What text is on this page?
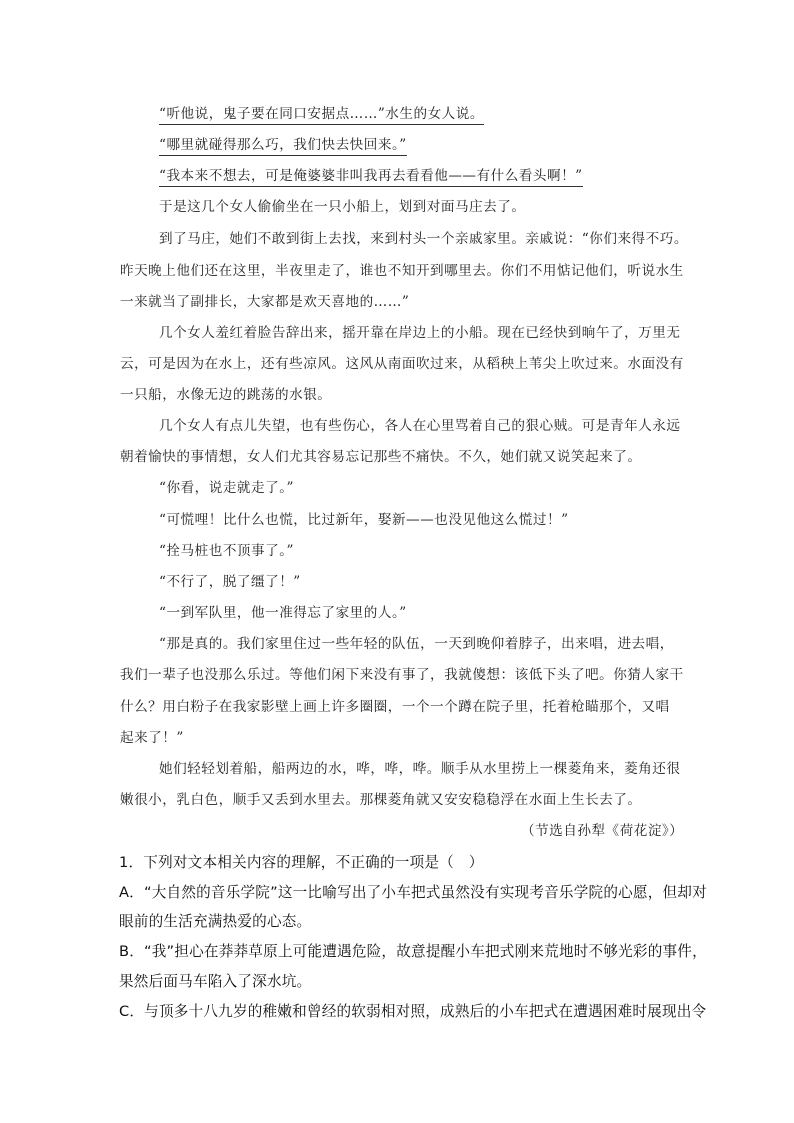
“听他说，鬼子要在同口安据点……”水生的女人说。
“哪里就碰得那么巧，我们快去快回来。”
“我本来不想去，可是俺婆婆非叫我再去看看他——有什么看头啊！”
于是这几个女人偷偷坐在一只小船上，划到对面马庄去了。
到了马庄，她们不敢到街上去找，来到村头一个亲戚家里。亲戚说：“你们来得不巧。
昨天晚上他们还在这里，半夜里走了，谁也不知开到哪里去。你们不用惦记他们，听说水生
一来就当了副排长，大家都是欢天喜地的……”
几个女人羞红着脸告辞出来，摇开靠在岸边上的小船。现在已经快到晌午了，万里无
云，可是因为在水上，还有些凉风。这风从南面吹过来，从稻秧上苇尖上吹过来。水面没有
一只船，水像无边的跳荡的水银。
几个女人有点儿失望，也有些伤心，各人在心里骂着自己的狠心贼。可是青年人永远
朝着愉快的事情想，女人们尤其容易忘记那些不痛快。不久，她们就又说笑起来了。
“你看，说走就走了。”
“可慌哩！比什么也慌，比过新年，娶新——也没见他这么慌过！”
“拴马桩也不顶事了。”
“不行了，脱了缰了！”
“一到军队里，他一准得忘了家里的人。”
“那是真的。我们家里住过一些年轻的队伍，一天到晚仰着脖子，出来唱，进去唱，
我们一辈子也没那么乐过。等他们闲下来没有事了，我就傻想：该低下头了吧。你猜人家干
什么？用白粉子在我家影壁上画上许多圈圈，一个一个蹲在院子里，托着枪瞄那个，又唱
起来了！”
她们轻轻划着船，船两边的水，哗，哗，哗。顺手从水里捞上一棵菱角来，菱角还很
嫩很小，乳白色，顺手又丢到水里去。那棵菱角就又安安稳稳浮在水面上生长去了。
（节选自孙犁《荷花淀》）
1．下列对文本相关内容的理解，不正确的一项是（　）
A．“大自然的音乐学院”这一比喻写出了小车把式虽然没有实现考音乐学院的心愿，但却对
眼前的生活充满热爱的心态。
B．“我”担心在莽莽草原上可能遭遇危险，故意提醒小车把式刚来荒地时不够光彩的事件，
果然后面马车陷入了深水坑。
C．与顶多十八九岁的稚嫩和曾经的软弱相对照，成熟后的小车把式在遭遇困难时展现出令
